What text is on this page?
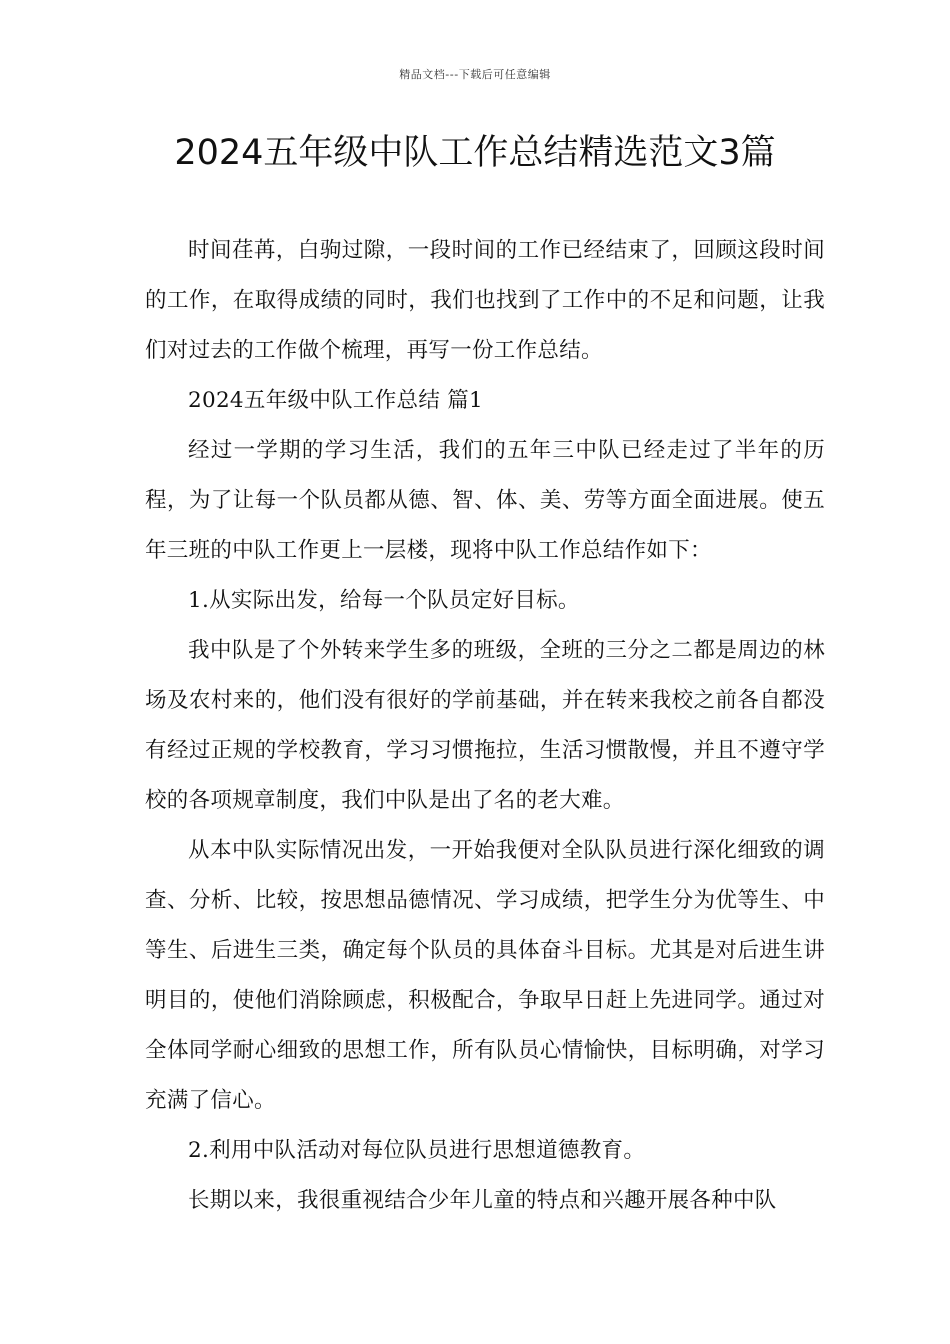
精品文档---下载后可任意编辑
2024五年级中队工作总结精选范文3篇

时间荏苒，白驹过隙，一段时间的工作已经结束了，回顾这段时间的工作，在取得成绩的同时，我们也找到了工作中的不足和问题，让我们对过去的工作做个梳理，再写一份工作总结。

2024五年级中队工作总结 篇1

经过一学期的学习生活，我们的五年三中队已经走过了半年的历程，为了让每一个队员都从德、智、体、美、劳等方面全面进展。使五年三班的中队工作更上一层楼，现将中队工作总结作如下：

1.从实际出发，给每一个队员定好目标。

我中队是了个外转来学生多的班级，全班的三分之二都是周边的林场及农村来的，他们没有很好的学前基础，并在转来我校之前各自都没有经过正规的学校教育，学习习惯拖拉，生活习惯散慢，并且不遵守学校的各项规章制度，我们中队是出了名的老大难。

从本中队实际情况出发，一开始我便对全队队员进行深化细致的调查、分析、比较，按思想品德情况、学习成绩，把学生分为优等生、中等生、后进生三类，确定每个队员的具体奋斗目标。尤其是对后进生讲明目的，使他们消除顾虑，积极配合，争取早日赶上先进同学。通过对全体同学耐心细致的思想工作，所有队员心情愉快，目标明确，对学习充满了信心。

2.利用中队活动对每位队员进行思想道德教育。

长期以来，我很重视结合少年儿童的特点和兴趣开展各种中队
